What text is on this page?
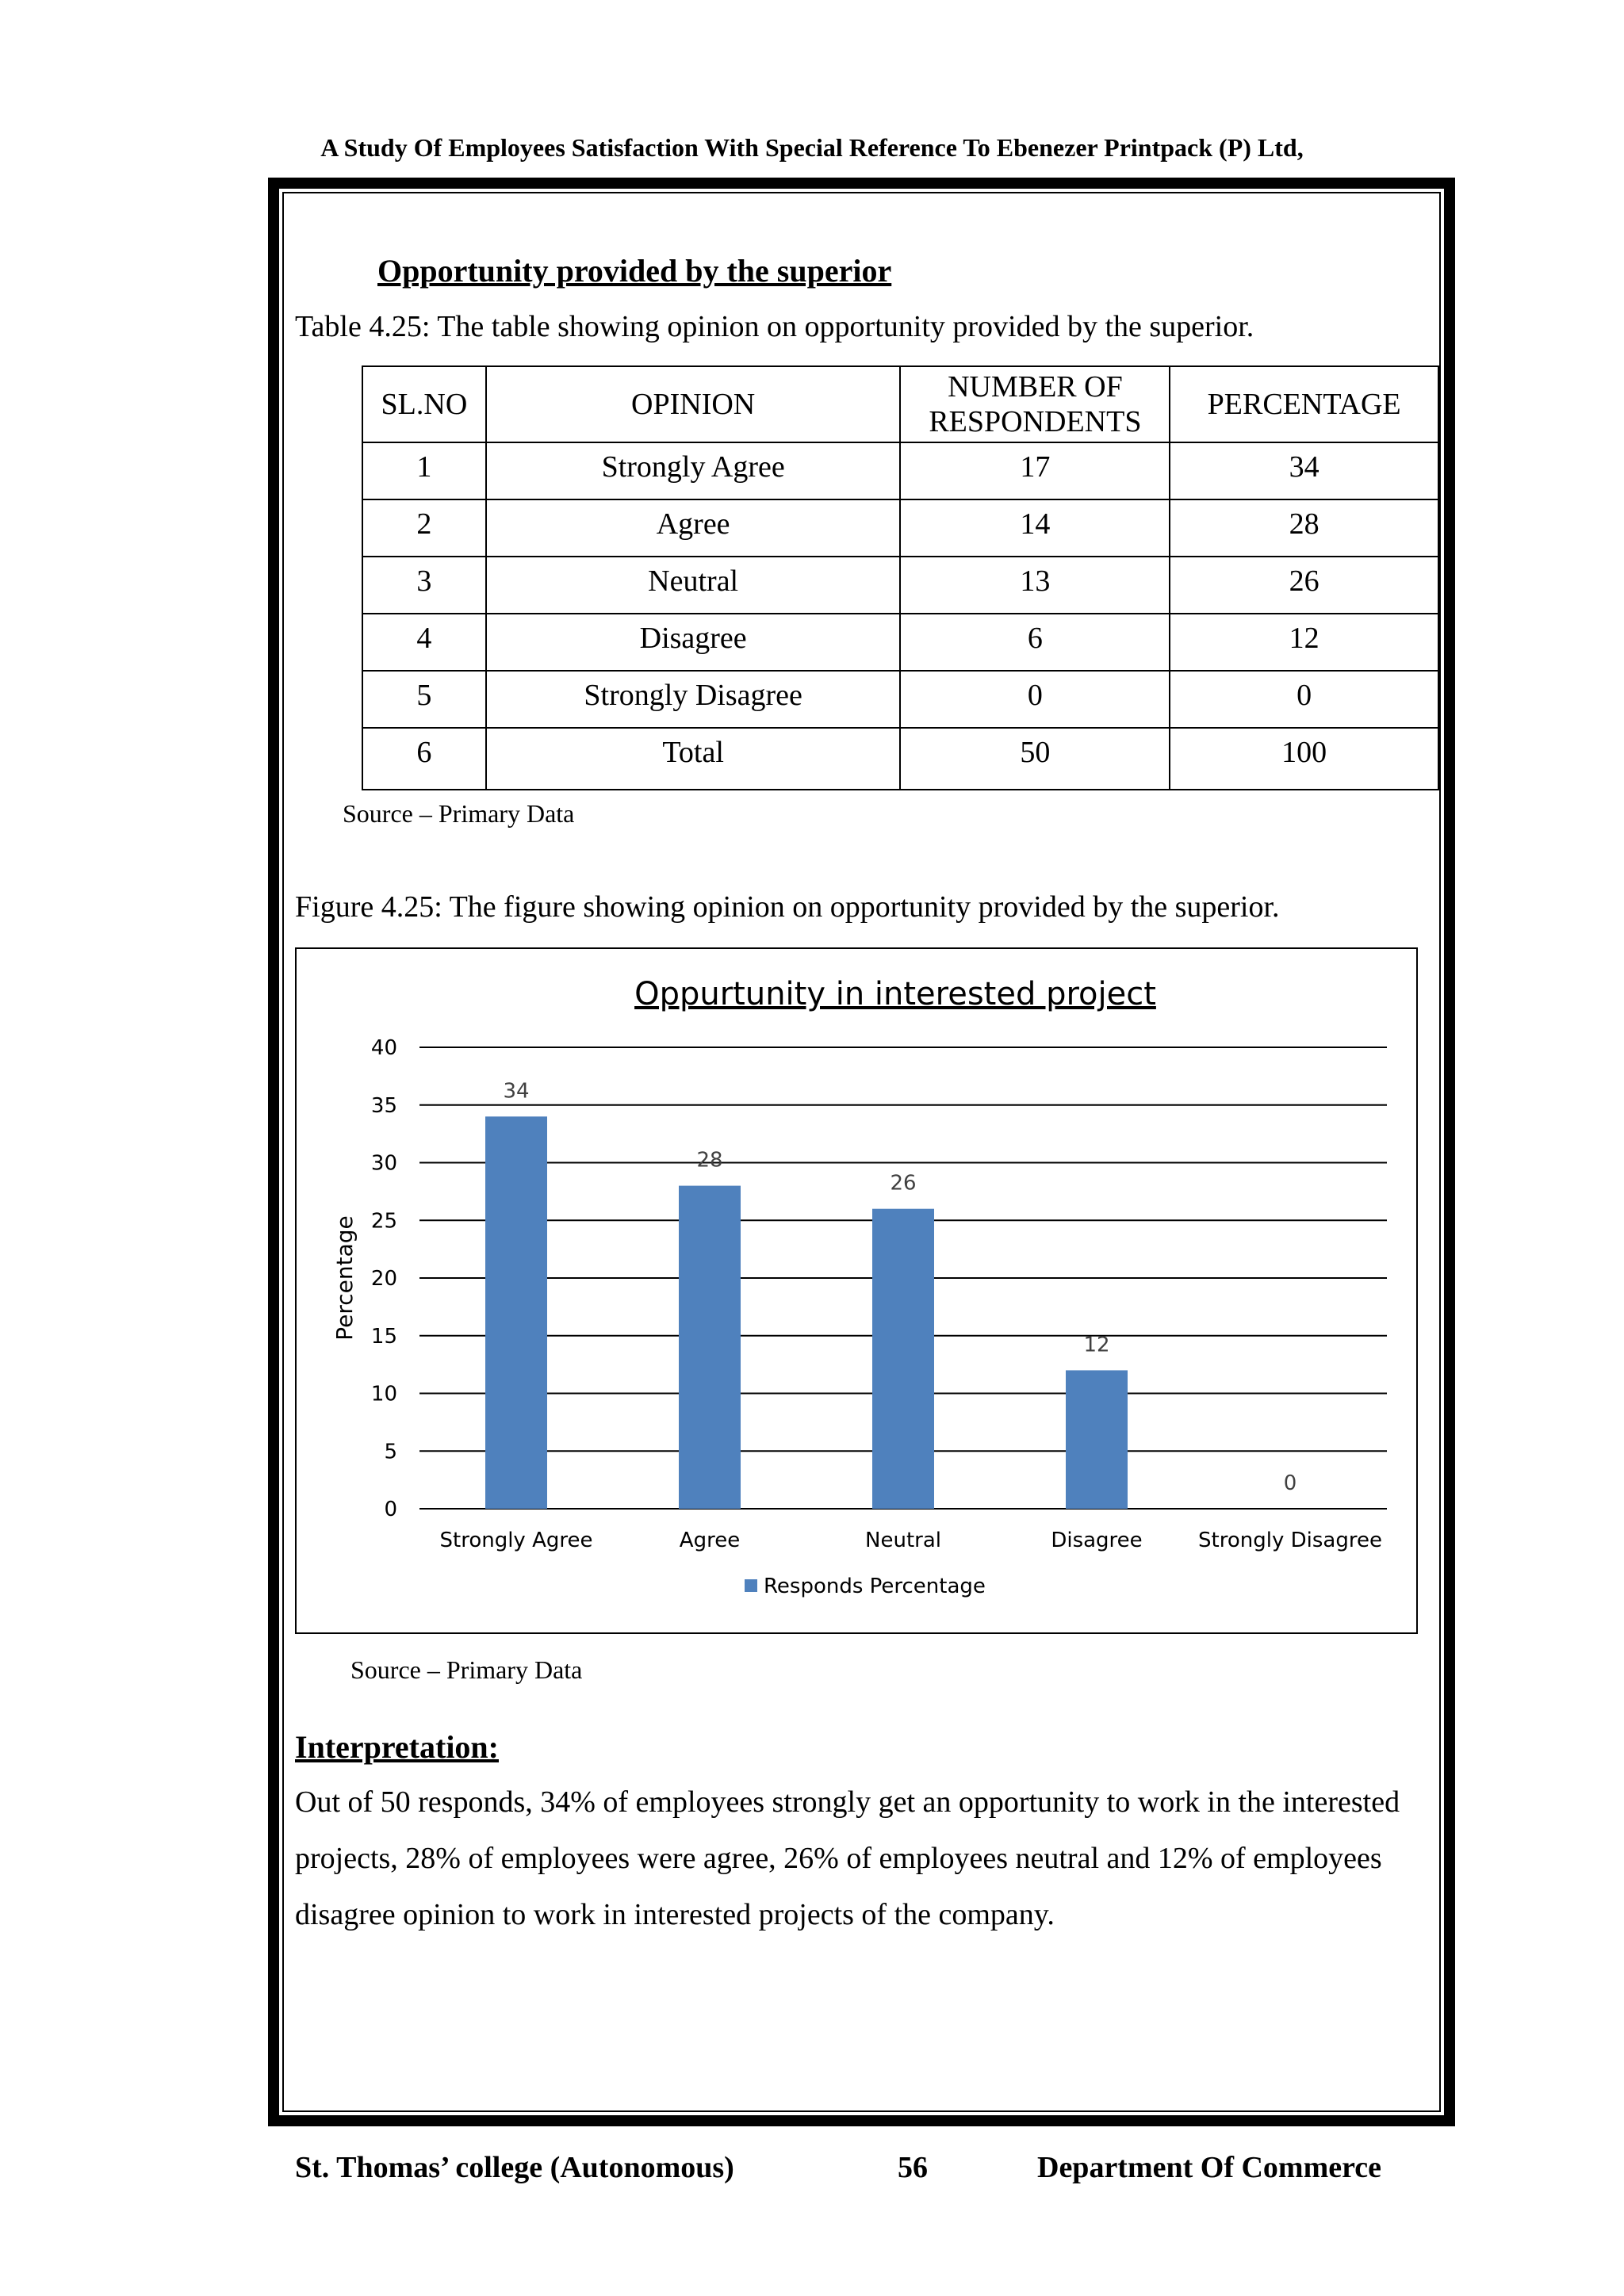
A Study Of Employees Satisfaction With Special Reference To Ebenezer Printpack (P) Ltd,
Opportunity provided by the superior
Table 4.25: The table showing opinion on opportunity provided by the superior.
SL.NO	OPINION	NUMBER OF RESPONDENTS	PERCENTAGE
1	Strongly Agree	17	34
2	Agree	14	28
3	Neutral	13	26
4	Disagree	6	12
5	Strongly Disagree	0	0
6	Total	50	100
Source – Primary Data
Figure 4.25: The figure showing opinion on opportunity provided by the superior.
Oppurtunity in interested project
0
5
10
15
20
25
30
35
40
Percentage
34
Strongly Agree
28
Agree
26
Neutral
12
Disagree
0
Strongly Disagree
Responds Percentage
Source – Primary Data
Interpretation:
Out of 50 responds, 34% of employees strongly get an opportunity to work in the interested projects, 28% of employees were agree, 26% of employees neutral and 12% of employees disagree opinion to work in interested projects of the company.
St. Thomas’ college (Autonomous)	56	Department Of Commerce
